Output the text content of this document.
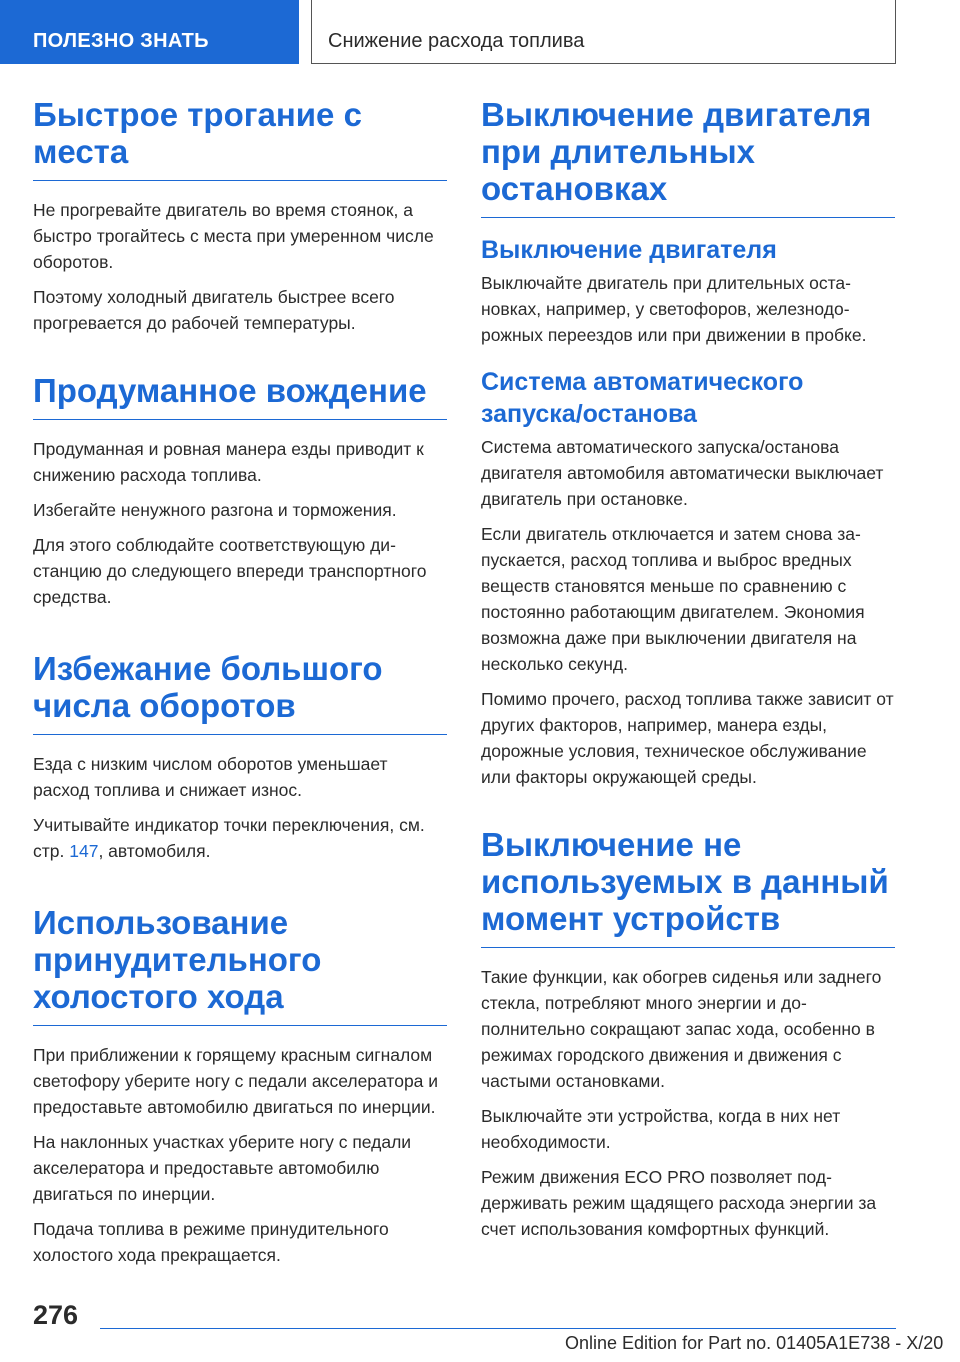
ПОЛЕЗНО ЗНАТЬ	Снижение расхода топлива
Быстрое трогание с места

Не прогревайте двигатель во время стоянок, а быстро трогайтесь с места при умеренном числе оборотов.

Поэтому холодный двигатель быстрее всего прогревается до рабочей температуры.

Продуманное вождение

Продуманная и ровная манера езды приводит к снижению расхода топлива.

Избегайте ненужного разгона и торможения.

Для этого соблюдайте соответствующую дистанцию до следующего впереди транспортного средства.

Избежание большого числа оборотов

Езда с низким числом оборотов уменьшает расход топлива и снижает износ.

Учитывайте индикатор точки переключения, см. стр. 147, автомобиля.

Использование принудительного холостого хода

При приближении к горящему красным сигналом светофору уберите ногу с педали акселератора и предоставьте автомобилю двигаться по инерции.

На наклонных участках уберите ногу с педали акселератора и предоставьте автомобилю двигаться по инерции.

Подача топлива в режиме принудительного холостого хода прекращается.

Выключение двигателя при длительных остановках
Выключение двигателя

Выключайте двигатель при длительных остановках, например, у светофоров, железнодорожных переездов или при движении в пробке.

Система автоматического запуска/останова

Система автоматического запуска/останова двигателя автомобиля автоматически выключает двигатель при остановке.

Если двигатель отключается и затем снова запускается, расход топлива и выброс вредных веществ становятся меньше по сравнению с постоянно работающим двигателем. Экономия возможна даже при выключении двигателя на несколько секунд.

Помимо прочего, расход топлива также зависит от других факторов, например, манера езды, дорожные условия, техническое обслуживание или факторы окружающей среды.

Выключение не используемых в данный момент устройств

Такие функции, как обогрев сиденья или заднего стекла, потребляют много энергии и дополнительно сокращают запас хода, особенно в режимах городского движения и движения с частыми остановками.

Выключайте эти устройства, когда в них нет необходимости.

Режим движения ECO PRO позволяет поддерживать режим щадящего расхода энергии за счет использования комфортных функций.

276
Online Edition for Part no. 01405A1E738 - X/20
